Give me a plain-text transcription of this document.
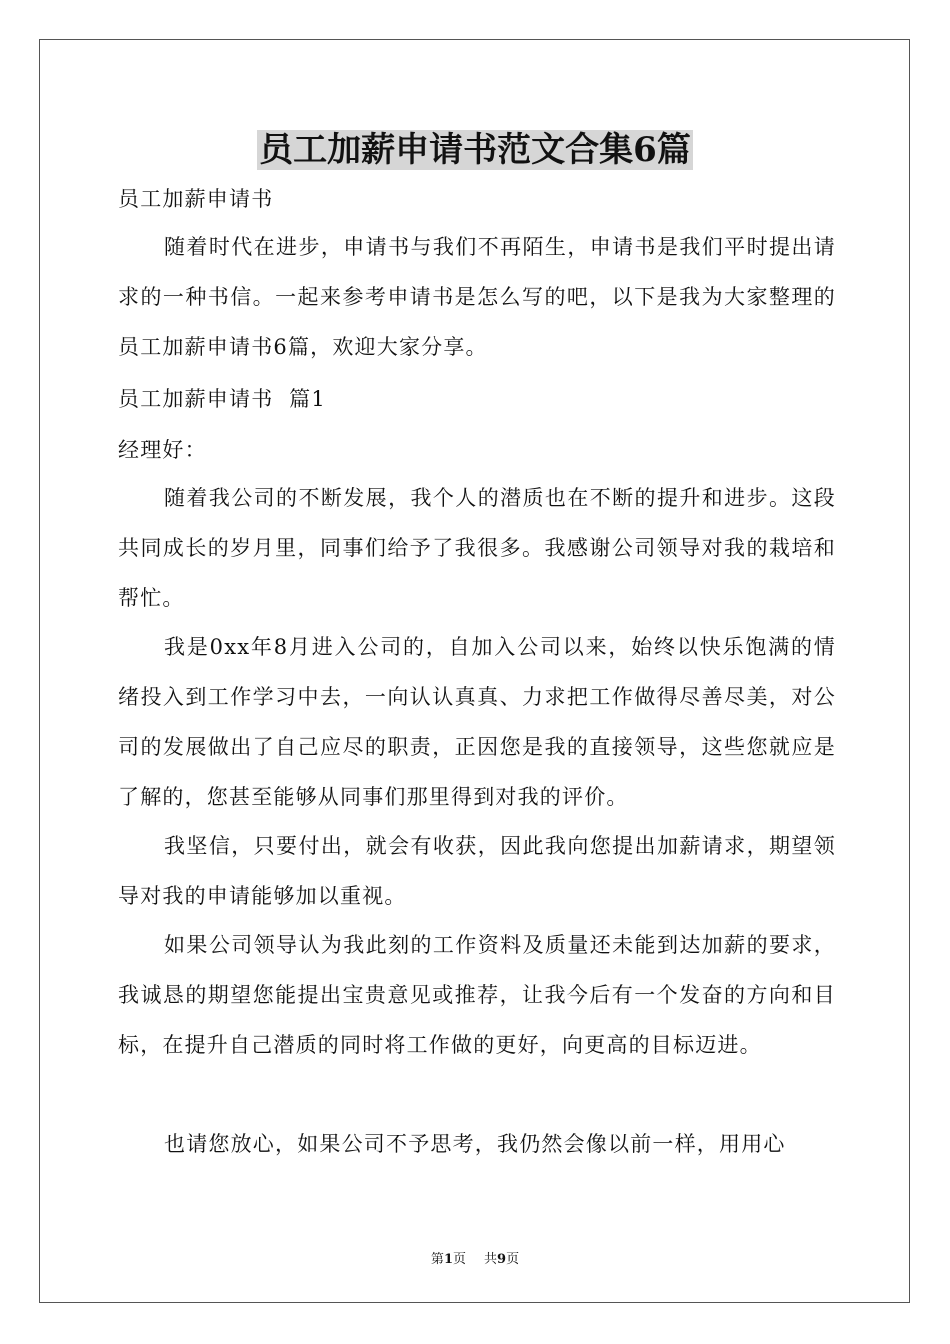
员工加薪申请书范文合集6篇

员工加薪申请书

随着时代在进步，申请书与我们不再陌生，申请书是我们平时提出请求的一种书信。一起来参考申请书是怎么写的吧，以下是我为大家整理的员工加薪申请书6篇，欢迎大家分享。

员工加薪申请书  篇1

经理好：

随着我公司的不断发展，我个人的潜质也在不断的提升和进步。这段共同成长的岁月里，同事们给予了我很多。我感谢公司领导对我的栽培和帮忙。

我是0xx年8月进入公司的，自加入公司以来，始终以快乐饱满的情绪投入到工作学习中去，一向认认真真、力求把工作做得尽善尽美，对公司的发展做出了自己应尽的职责，正因您是我的直接领导，这些您就应是了解的，您甚至能够从同事们那里得到对我的评价。

我坚信，只要付出，就会有收获，因此我向您提出加薪请求，期望领导对我的申请能够加以重视。

如果公司领导认为我此刻的工作资料及质量还未能到达加薪的要求，我诚恳的期望您能提出宝贵意见或推荐，让我今后有一个发奋的方向和目标，在提升自己潜质的同时将工作做的更好，向更高的目标迈进。

也请您放心，如果公司不予思考，我仍然会像以前一样，用用心

第1页 共9页
